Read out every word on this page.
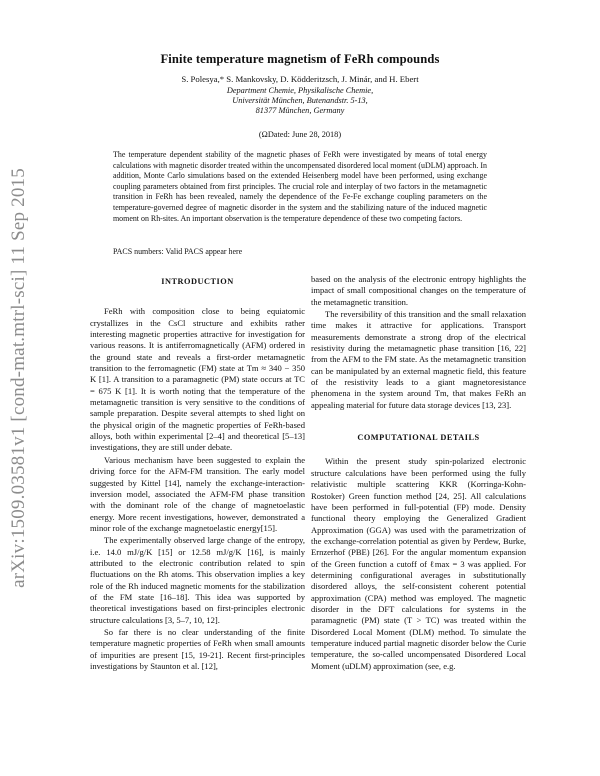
arXiv:1509.03581v1 [cond-mat.mtrl-sci] 11 Sep 2015
Finite temperature magnetism of FeRh compounds
S. Polesya,* S. Mankovsky, D. Ködderitzsch, J. Minár, and H. Ebert
Department Chemie, Physikalische Chemie,
Universität München, Butenandstr. 5-13,
81377 München, Germany
(ΩDated: June 28, 2018)
The temperature dependent stability of the magnetic phases of FeRh were investigated by means of total energy calculations with magnetic disorder treated within the uncompensated disordered local moment (uDLM) approach. In addition, Monte Carlo simulations based on the extended Heisenberg model have been performed, using exchange coupling parameters obtained from first principles. The crucial role and interplay of two factors in the metamagnetic transition in FeRh has been revealed, namely the dependence of the Fe-Fe exchange coupling parameters on the temperature-governed degree of magnetic disorder in the system and the stabilizing nature of the induced magnetic moment on Rh-sites. An important observation is the temperature dependence of these two competing factors.
PACS numbers: Valid PACS appear here
INTRODUCTION

FeRh with composition close to being equiatomic crystallizes in the CsCl structure and exhibits rather interesting magnetic properties attractive for investigation for various reasons. It is antiferromagnetically (AFM) ordered in the ground state and reveals a first-order metamagnetic transition to the ferromagnetic (FM) state at Tm ≈ 340 − 350 K [1]. A transition to a paramagnetic (PM) state occurs at TC = 675 K [1]. It is worth noting that the temperature of the metamagnetic transition is very sensitive to the conditions of sample preparation. Despite several attempts to shed light on the physical origin of the magnetic properties of FeRh-based alloys, both within experimental [2–4] and theoretical [5–13] investigations, they are still under debate.

Various mechanism have been suggested to explain the driving force for the AFM-FM transition. The early model suggested by Kittel [14], namely the exchange-interaction-inversion model, associated the AFM-FM phase transition with the dominant role of the change of magnetoelastic energy. More recent investigations, however, demonstrated a minor role of the exchange magnetoelastic energy[15].

The experimentally observed large change of the entropy, i.e. 14.0 mJ/g/K [15] or 12.58 mJ/g/K [16], is mainly attributed to the electronic contribution related to spin fluctuations on the Rh atoms. This observation implies a key role of the Rh induced magnetic moments for the stabilization of the FM state [16–18]. This idea was supported by theoretical investigations based on first-principles electronic structure calculations [3, 5–7, 10, 12].

So far there is no clear understanding of the finite temperature magnetic properties of FeRh when small amounts of impurities are present [15, 19-21]. Recent first-principles investigations by Staunton et al. [12],

based on the analysis of the electronic entropy highlights the impact of small compositional changes on the temperature of the metamagnetic transition.

The reversibility of this transition and the small relaxation time makes it attractive for applications. Transport measurements demonstrate a strong drop of the electrical resistivity during the metamagnetic phase transition [16, 22] from the AFM to the FM state. As the metamagnetic transition can be manipulated by an external magnetic field, this feature of the resistivity leads to a giant magnetoresistance phenomena in the system around Tm, that makes FeRh an appealing material for future data storage devices [13, 23].

COMPUTATIONAL DETAILS

Within the present study spin-polarized electronic structure calculations have been performed using the fully relativistic multiple scattering KKR (Korringa-Kohn-Rostoker) Green function method [24, 25]. All calculations have been performed in full-potential (FP) mode. Density functional theory employing the Generalized Gradient Approximation (GGA) was used with the parametrization of the exchange-correlation potential as given by Perdew, Burke, Ernzerhof (PBE) [26]. For the angular momentum expansion of the Green function a cutoff of ℓmax = 3 was applied. For determining configurational averages in substitutionally disordered alloys, the self-consistent coherent potential approximation (CPA) method was employed. The magnetic disorder in the DFT calculations for systems in the paramagnetic (PM) state (T > TC) was treated within the Disordered Local Moment (DLM) method. To simulate the temperature induced partial magnetic disorder below the Curie temperature, the so-called uncompensated Disordered Local Moment (uDLM) approximation (see, e.g.
